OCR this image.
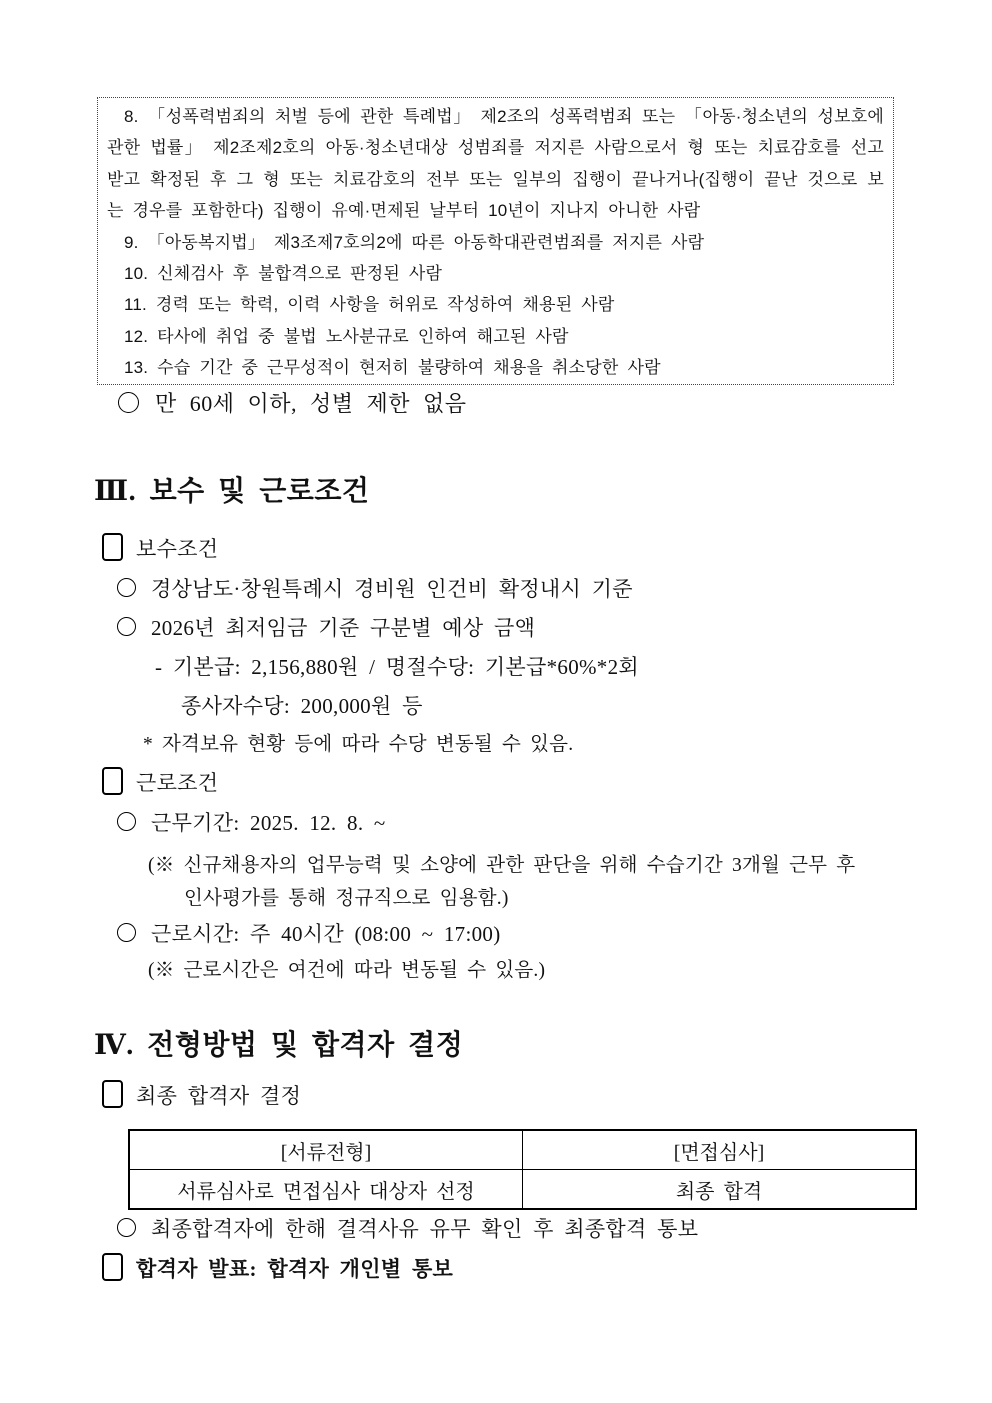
8. 「성폭력범죄의 처벌 등에 관한 특례법」 제2조의 성폭력범죄 또는 「아동·청소년의 성보호에 관한 법률」 제2조제2호의 아동·청소년대상 성범죄를 저지른 사람으로서 형 또는 치료감호를 선고 받고 확정된 후 그 형 또는 치료감호의 전부 또는 일부의 집행이 끝나거나(집행이 끝난 것으로 보는 경우를 포함한다) 집행이 유예·면제된 날부터 10년이 지나지 아니한 사람

9. 「아동복지법」 제3조제7호의2에 따른 아동학대관련범죄를 저지른 사람

10. 신체검사 후 불합격으로 판정된 사람

11. 경력 또는 학력, 이력 사항을 허위로 작성하여 채용된 사람

12. 타사에 취업 중 불법 노사분규로 인하여 해고된 사람

13. 수습 기간 중 근무성적이 현저히 불량하여 채용을 취소당한 사람

만 60세 이하, 성별 제한 없음
Ⅲ. 보수 및 근로조건
보수조건
경상남도·창원특례시 경비원 인건비 확정내시 기준
2026년 최저임금 기준 구분별 예상 금액
- 기본급: 2,156,880원 / 명절수당: 기본급*60%*2회
종사자수당: 200,000원 등
* 자격보유 현황 등에 따라 수당 변동될 수 있음.
근로조건
근무기간: 2025. 12. 8. ~
(※ 신규채용자의 업무능력 및 소양에 관한 판단을 위해 수습기간 3개월 근무 후
인사평가를 통해 정규직으로 임용함.)
근로시간: 주 40시간 (08:00 ~ 17:00)
(※ 근로시간은 여건에 따라 변동될 수 있음.)
Ⅳ. 전형방법 및 합격자 결정
최종 합격자 결정
[서류전형]	[면접심사]
서류심사로 면접심사 대상자 선정	최종 합격
최종합격자에 한해 결격사유 유무 확인 후 최종합격 통보
합격자 발표: 합격자 개인별 통보
